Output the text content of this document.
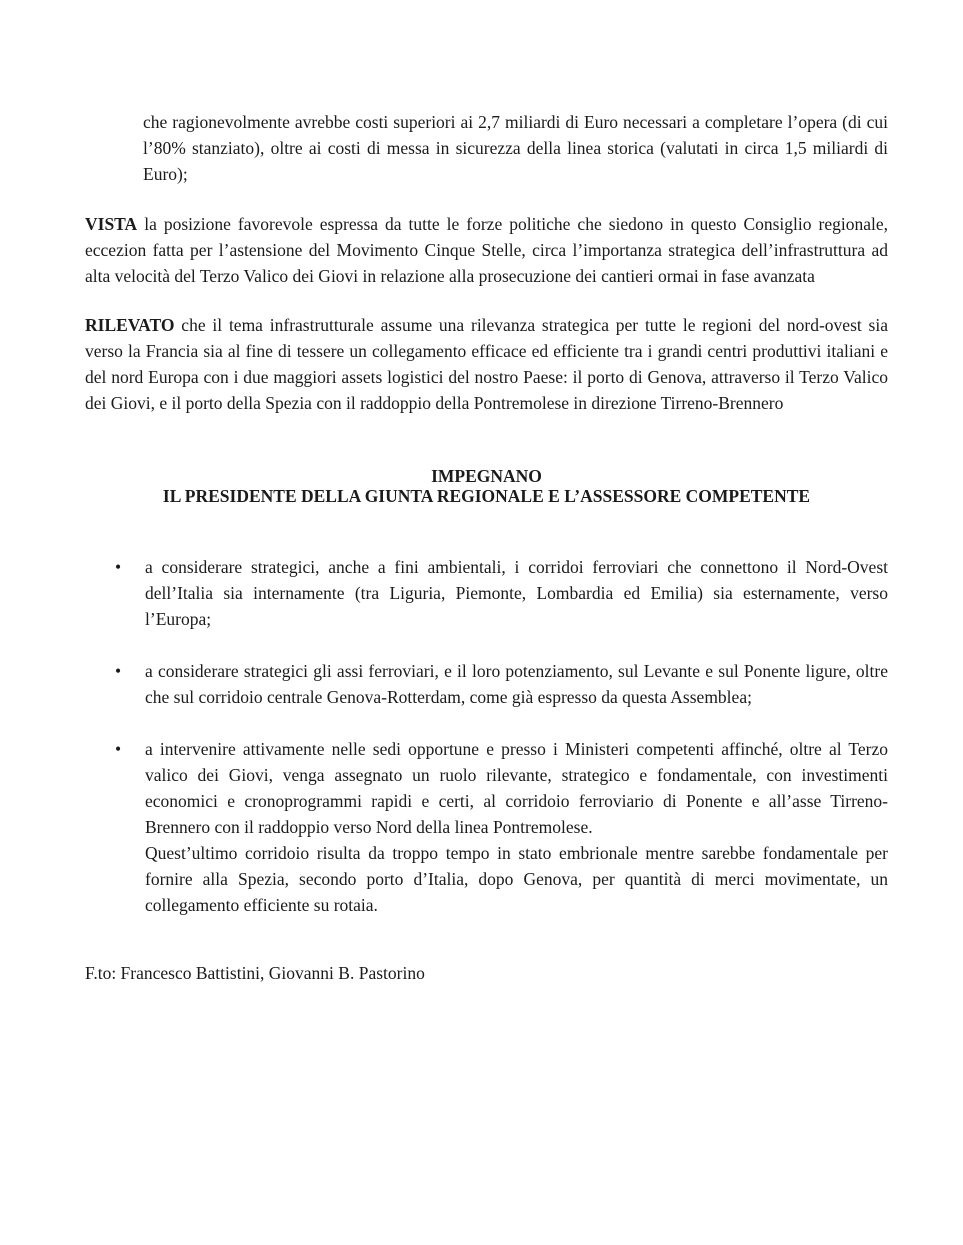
che ragionevolmente avrebbe costi superiori ai 2,7 miliardi di Euro necessari a completare l’opera (di cui l’80% stanziato), oltre ai costi di messa in sicurezza della linea storica (valutati in circa 1,5 miliardi di Euro);

VISTA la posizione favorevole espressa da tutte le forze politiche che siedono in questo Consiglio regionale, eccezion fatta per l’astensione del Movimento Cinque Stelle, circa l’importanza strategica dell’infrastruttura ad alta velocità del Terzo Valico dei Giovi in relazione alla prosecuzione dei cantieri ormai in fase avanzata

RILEVATO che il tema infrastrutturale assume una rilevanza strategica per tutte le regioni del nord-ovest sia verso la Francia sia al fine di tessere un collegamento efficace ed efficiente tra i grandi centri produttivi italiani e del nord Europa con i due maggiori assets logistici del nostro Paese: il porto di Genova, attraverso il Terzo Valico dei Giovi, e il porto della Spezia con il raddoppio della Pontremolese in direzione Tirreno-Brennero

IMPEGNANO
IL PRESIDENTE DELLA GIUNTA REGIONALE E L’ASSESSORE COMPETENTE
• a considerare strategici, anche a fini ambientali, i corridoi ferroviari che connettono il Nord-Ovest dell’Italia sia internamente (tra Liguria, Piemonte, Lombardia ed Emilia) sia esternamente, verso l’Europa;
• a considerare strategici gli assi ferroviari, e il loro potenziamento, sul Levante e sul Ponente ligure, oltre che sul corridoio centrale Genova-Rotterdam, come già espresso da questa Assemblea;
• a intervenire attivamente nelle sedi opportune e presso i Ministeri competenti affinché, oltre al Terzo valico dei Giovi, venga assegnato un ruolo rilevante, strategico e fondamentale, con investimenti economici e cronoprogrammi rapidi e certi, al corridoio ferroviario di Ponente e all’asse Tirreno-Brennero con il raddoppio verso Nord della linea Pontremolese.
Quest’ultimo corridoio risulta da troppo tempo in stato embrionale mentre sarebbe fondamentale per fornire alla Spezia, secondo porto d’Italia, dopo Genova, per quantità di merci movimentate, un collegamento efficiente su rotaia.

F.to: Francesco Battistini, Giovanni B. Pastorino
